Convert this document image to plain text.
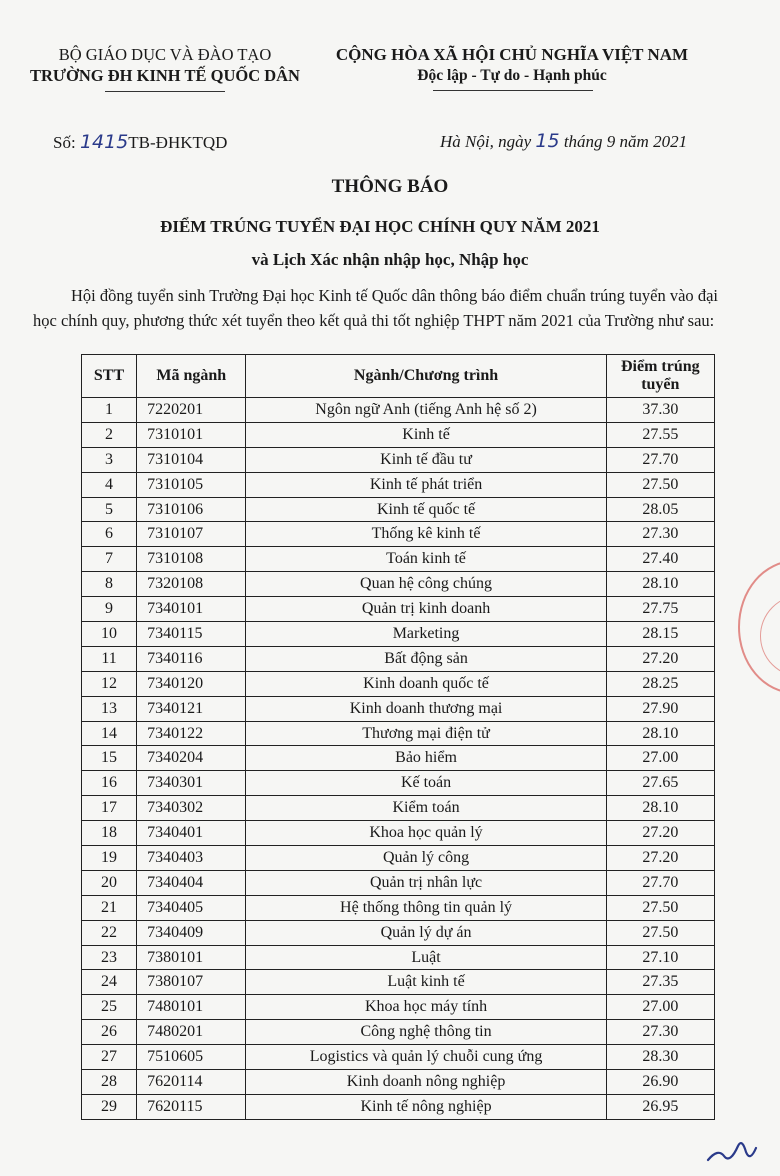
BỘ GIÁO DỤC VÀ ĐÀO TẠO
TRƯỜNG ĐH KINH TẾ QUỐC DÂN
CỘNG HÒA XÃ HỘI CHỦ NGHĨA VIỆT NAM
Độc lập - Tự do - Hạnh phúc
Số: 1415TB-ĐHKTQD	Hà Nội, ngày 15 tháng 9 năm 2021
THÔNG BÁO
ĐIỂM TRÚNG TUYỂN ĐẠI HỌC CHÍNH QUY NĂM 2021
và Lịch Xác nhận nhập học, Nhập học
Hội đồng tuyển sinh Trường Đại học Kinh tế Quốc dân thông báo điểm chuẩn trúng tuyển vào đại học chính quy, phương thức xét tuyển theo kết quả thi tốt nghiệp THPT năm 2021 của Trường như sau:
STT	Mã ngành	Ngành/Chương trình	Điểm trúng tuyển
1	7220201	Ngôn ngữ Anh (tiếng Anh hệ số 2)	37.30
2	7310101	Kinh tế	27.55
3	7310104	Kinh tế đầu tư	27.70
4	7310105	Kinh tế phát triển	27.50
5	7310106	Kinh tế quốc tế	28.05
6	7310107	Thống kê kinh tế	27.30
7	7310108	Toán kinh tế	27.40
8	7320108	Quan hệ công chúng	28.10
9	7340101	Quản trị kinh doanh	27.75
10	7340115	Marketing	28.15
11	7340116	Bất động sản	27.20
12	7340120	Kinh doanh quốc tế	28.25
13	7340121	Kinh doanh thương mại	27.90
14	7340122	Thương mại điện tử	28.10
15	7340204	Bảo hiểm	27.00
16	7340301	Kế toán	27.65
17	7340302	Kiểm toán	28.10
18	7340401	Khoa học quản lý	27.20
19	7340403	Quản lý công	27.20
20	7340404	Quản trị nhân lực	27.70
21	7340405	Hệ thống thông tin quản lý	27.50
22	7340409	Quản lý dự án	27.50
23	7380101	Luật	27.10
24	7380107	Luật kinh tế	27.35
25	7480101	Khoa học máy tính	27.00
26	7480201	Công nghệ thông tin	27.30
27	7510605	Logistics và quản lý chuỗi cung ứng	28.30
28	7620114	Kinh doanh nông nghiệp	26.90
29	7620115	Kinh tế nông nghiệp	26.95
